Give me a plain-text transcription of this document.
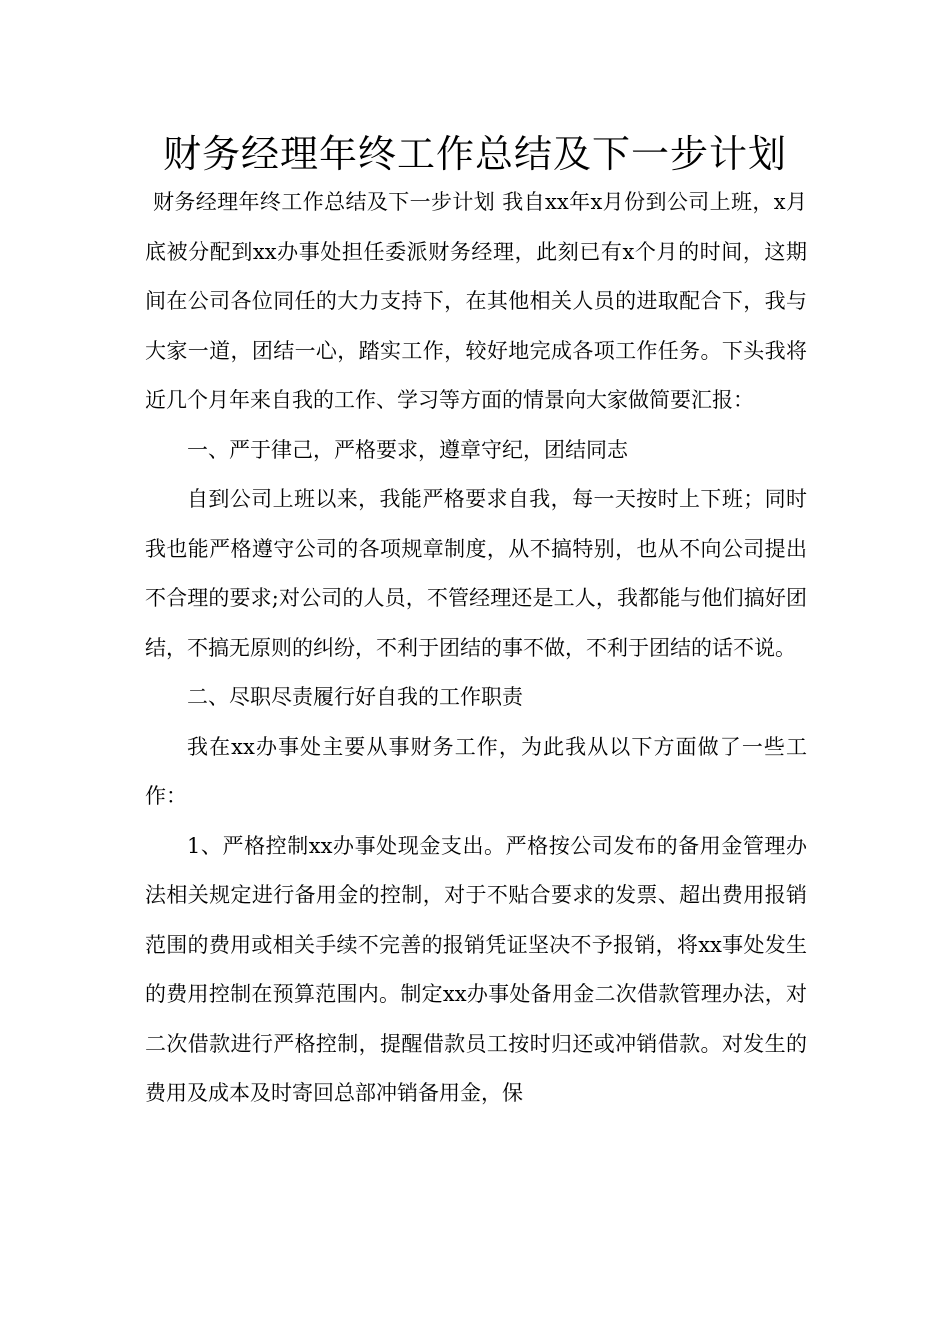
财务经理年终工作总结及下一步计划

财务经理年终工作总结及下一步计划 我自xx年x月份到公司上班，x月底被分配到xx办事处担任委派财务经理，此刻已有x个月的时间，这期间在公司各位同任的大力支持下，在其他相关人员的进取配合下，我与大家一道，团结一心，踏实工作，较好地完成各项工作任务。下头我将近几个月年来自我的工作、学习等方面的情景向大家做简要汇报：

一、严于律己，严格要求，遵章守纪，团结同志

自到公司上班以来，我能严格要求自我，每一天按时上下班；同时我也能严格遵守公司的各项规章制度，从不搞特别，也从不向公司提出不合理的要求;对公司的人员，不管经理还是工人，我都能与他们搞好团结，不搞无原则的纠纷，不利于团结的事不做，不利于团结的话不说。

二、尽职尽责履行好自我的工作职责

我在xx办事处主要从事财务工作，为此我从以下方面做了一些工作：

1、严格控制xx办事处现金支出。严格按公司发布的备用金管理办法相关规定进行备用金的控制，对于不贴合要求的发票、超出费用报销范围的费用或相关手续不完善的报销凭证坚决不予报销，将xx事处发生的费用控制在预算范围内。制定xx办事处备用金二次借款管理办法，对二次借款进行严格控制，提醒借款员工按时归还或冲销借款。对发生的费用及成本及时寄回总部冲销备用金，保
